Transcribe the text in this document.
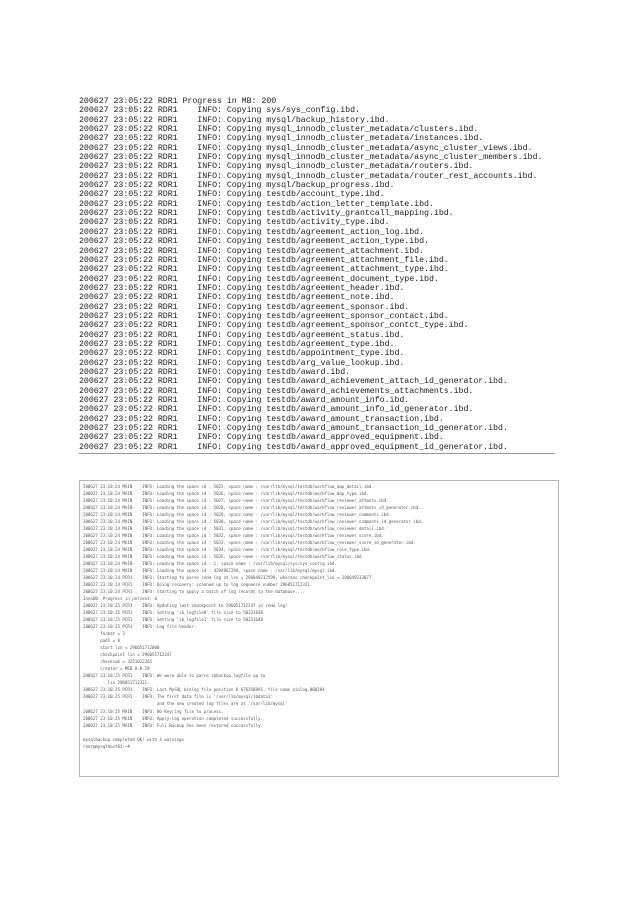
200627 23:05:22 RDR1 Progress in MB: 200
200627 23:05:22 RDR1    INFO: Copying sys/sys_config.ibd.
200627 23:05:22 RDR1    INFO: Copying mysql/backup_history.ibd.
200627 23:05:22 RDR1    INFO: Copying mysql_innodb_cluster_metadata/clusters.ibd.
200627 23:05:22 RDR1    INFO: Copying mysql_innodb_cluster_metadata/instances.ibd.
200627 23:05:22 RDR1    INFO: Copying mysql_innodb_cluster_metadata/async_cluster_views.ibd.
200627 23:05:22 RDR1    INFO: Copying mysql_innodb_cluster_metadata/async_cluster_members.ibd.
200627 23:05:22 RDR1    INFO: Copying mysql_innodb_cluster_metadata/routers.ibd.
200627 23:05:22 RDR1    INFO: Copying mysql_innodb_cluster_metadata/router_rest_accounts.ibd.
200627 23:05:22 RDR1    INFO: Copying mysql/backup_progress.ibd.
200627 23:05:22 RDR1    INFO: Copying testdb/account_type.ibd.
200627 23:05:22 RDR1    INFO: Copying testdb/action_letter_template.ibd.
200627 23:05:22 RDR1    INFO: Copying testdb/activity_grantcall_mapping.ibd.
200627 23:05:22 RDR1    INFO: Copying testdb/activity_type.ibd.
200627 23:05:22 RDR1    INFO: Copying testdb/agreement_action_log.ibd.
200627 23:05:22 RDR1    INFO: Copying testdb/agreement_action_type.ibd.
200627 23:05:22 RDR1    INFO: Copying testdb/agreement_attachment.ibd.
200627 23:05:22 RDR1    INFO: Copying testdb/agreement_attachment_file.ibd.
200627 23:05:22 RDR1    INFO: Copying testdb/agreement_attachment_type.ibd.
200627 23:05:22 RDR1    INFO: Copying testdb/agreement_document_type.ibd.
200627 23:05:22 RDR1    INFO: Copying testdb/agreement_header.ibd.
200627 23:05:22 RDR1    INFO: Copying testdb/agreement_note.ibd.
200627 23:05:22 RDR1    INFO: Copying testdb/agreement_sponsor.ibd.
200627 23:05:22 RDR1    INFO: Copying testdb/agreement_sponsor_contact.ibd.
200627 23:05:22 RDR1    INFO: Copying testdb/agreement_sponsor_contct_type.ibd.
200627 23:05:22 RDR1    INFO: Copying testdb/agreement_status.ibd.
200627 23:05:22 RDR1    INFO: Copying testdb/agreement_type.ibd.
200627 23:05:22 RDR1    INFO: Copying testdb/appointment_type.ibd.
200627 23:05:22 RDR1    INFO: Copying testdb/arg_value_lookup.ibd.
200627 23:05:22 RDR1    INFO: Copying testdb/award.ibd.
200627 23:05:22 RDR1    INFO: Copying testdb/award_achievement_attach_id_generator.ibd.
200627 23:05:22 RDR1    INFO: Copying testdb/award_achievements_attachments.ibd.
200627 23:05:22 RDR1    INFO: Copying testdb/award_amount_info.ibd.
200627 23:05:22 RDR1    INFO: Copying testdb/award_amount_info_id_generator.ibd.
200627 23:05:22 RDR1    INFO: Copying testdb/award_amount_transaction.ibd.
200627 23:05:22 RDR1    INFO: Copying testdb/award_amount_transaction_id_generator.ibd.
200627 23:05:22 RDR1    INFO: Copying testdb/award_approved_equipment.ibd.
200627 23:05:22 RDR1    INFO: Copying testdb/award_approved_equipment_id_generator.ibd.
200627 23:10:24 MAIN    INFO: Loading the space id : 5025, space name : /var/lib/mysql/testdb/workflow_map_detail.ibd.
200627 23:10:24 MAIN    INFO: Loading the space id : 5026, space name : /var/lib/mysql/testdb/workflow_map_type.ibd.
200627 23:10:24 MAIN    INFO: Loading the space id : 5027, space name : /var/lib/mysql/testdb/workflow_reviewer_attmnts.ibd.
200627 23:10:24 MAIN    INFO: Loading the space id : 5028, space name : /var/lib/mysql/testdb/workflow_reviewer_attmnts_id_generator.ibd.
200627 23:10:24 MAIN    INFO: Loading the space id : 5029, space name : /var/lib/mysql/testdb/workflow_reviewer_comments.ibd.
200627 23:10:24 MAIN    INFO: Loading the space id : 5030, space name : /var/lib/mysql/testdb/workflow_reviewer_comments_id_generator.ibd.
200627 23:10:24 MAIN    INFO: Loading the space id : 5031, space name : /var/lib/mysql/testdb/workflow_reviewer_detail.ibd.
200627 23:10:24 MAIN    INFO: Loading the space id : 5032, space name : /var/lib/mysql/testdb/workflow_reviewer_score.ibd.
200627 23:10:24 MAIN    INFO: Loading the space id : 5033, space name : /var/lib/mysql/testdb/workflow_reviewer_score_id_generator.ibd.
200627 23:10:24 MAIN    INFO: Loading the space id : 5034, space name : /var/lib/mysql/testdb/workflow_role_type.ibd.
200627 23:10:24 MAIN    INFO: Loading the space id : 5035, space name : /var/lib/mysql/testdb/workflow_status.ibd.
200627 23:10:24 MAIN    INFO: Loading the space id : 1, space name : /var/lib/mysql/sys/sys_config.ibd.
200627 23:10:24 MAIN    INFO: Loading the space id : 4294967294, space name : /var/lib/mysql/mysql.ibd.
200627 23:10:24 PCR1    INFO: Starting to parse redo log at lsn = 296049232599, whereas checkpoint_lsn = 296049233077.
200627 23:10:24 PCR1    INFO: Doing recovery: scanned up to log sequence number 296051712321.
200627 23:10:24 PCR1    INFO: Starting to apply a batch of log records to the database....
InnoDB: Progress in percent: 0
200627 23:10:25 PCR1    INFO: Updating last checkpoint to 296051712247 in redo log/
200627 23:10:25 PCR1    INFO: Setting 'ib_logfile0' file size to 50331648
200627 23:10:25 PCR1    INFO: Setting 'ib_logfile1' file size to 50331648
200627 23:10:25 PCR1    INFO: Log file header:
format = 3
pad1 = 0
start lsn = 296051712000
checkpoint lsn = 296051712247
checksum = 3251022265
creator = MEB 8.0.19
200627 23:10:25 PCR1    INFO: We were able to parse ibbackup_logfile up to
lsn 296051712321.
200627 23:10:25 PCR1    INFO: Last MySQL binlog file position 0 676358891, file name binlog.000284
200627 23:10:25 PCR1    INFO: The first data file is '/var/lib/mysql/ibdata1'
and the new created log files are at '/var/lib/mysql'
200627 23:10:25 MAIN    INFO: No Keyring file to process.
200627 23:10:25 MAIN    INFO: Apply-log operation completed successfully.
200627 23:10:25 MAIN    INFO: Full Backup has been restored successfully.
mysqlbackup completed OK! with 4 warnings
root@mysqlhost01:~#
